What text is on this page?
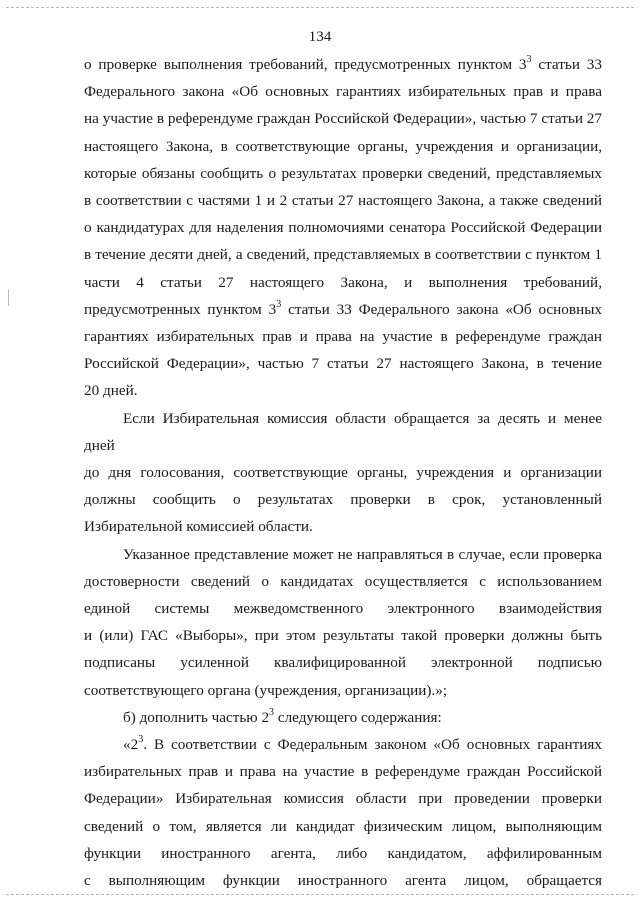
134
о проверке выполнения требований, предусмотренных пунктом $3^3$ статьи 33
Федерального закона «Об основных гарантиях избирательных прав и права
на участие в референдуме граждан Российской Федерации», частью 7 статьи 27
настоящего Закона, в соответствующие органы, учреждения и организации,
которые обязаны сообщить о результатах проверки сведений, представляемых
в соответствии с частями 1 и 2 статьи 27 настоящего Закона, а также сведений
о кандидатурах для наделения полномочиями сенатора Российской Федерации
в течение десяти дней, а сведений, представляемых в соответствии с пунктом 1
части 4 статьи 27 настоящего Закона, и выполнения требований,
предусмотренных пунктом $3^3$ статьи 33 Федерального закона «Об основных
гарантиях избирательных прав и права на участие в референдуме граждан
Российской Федерации», частью 7 статьи 27 настоящего Закона, в течение
20 дней.
Если Избирательная комиссия области обращается за десять и менее дней
до дня голосования, соответствующие органы, учреждения и организации
должны сообщить о результатах проверки в срок, установленный
Избирательной комиссией области.
Указанное представление может не направляться в случае, если проверка
достоверности сведений о кандидатах осуществляется с использованием
единой системы межведомственного электронного взаимодействия
и (или) ГАС «Выборы», при этом результаты такой проверки должны быть
подписаны усиленной квалифицированной электронной подписью
соответствующего органа (учреждения, организации).»;
б) дополнить частью $2^3$ следующего содержания:
«$2^3$. В соответствии с Федеральным законом «Об основных гарантиях
избирательных прав и права на участие в референдуме граждан Российской
Федерации» Избирательная комиссия области при проведении проверки
сведений о том, является ли кандидат физическим лицом, выполняющим
функции иностранного агента, либо кандидатом, аффилированным
с выполняющим функции иностранного агента лицом, обращается
